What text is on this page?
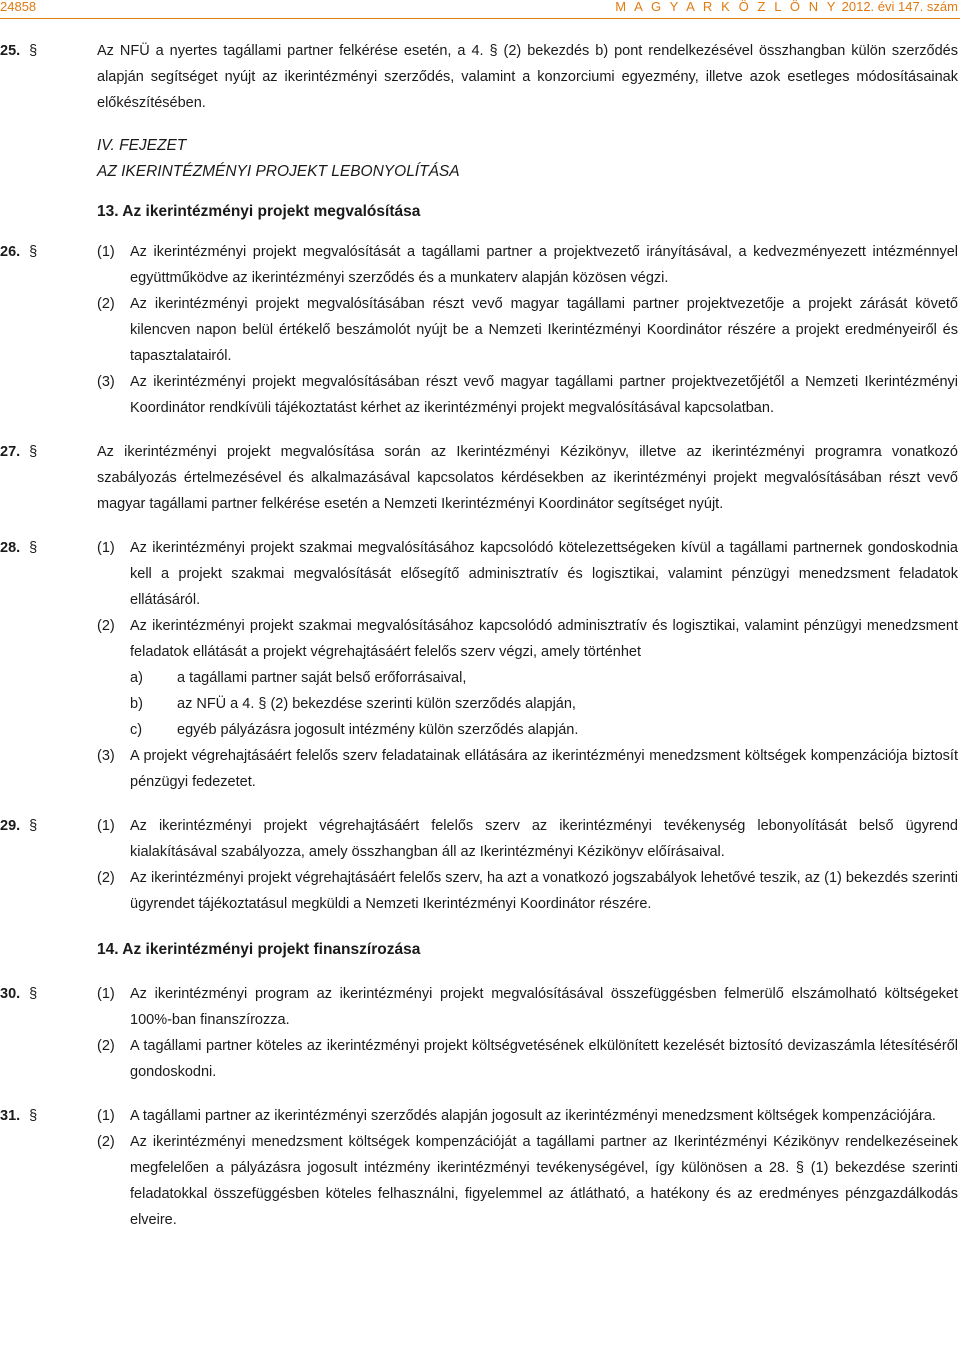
24858	M A G Y A R K Ö Z L Ö N Y 2012. évi 147. szám
25. §	Az NFÜ a nyertes tagállami partner felkérése esetén, a 4. § (2) bekezdés b) pont rendelkezésével összhangban külön szerződés alapján segítséget nyújt az ikerintézményi szerződés, valamint a konzorciumi egyezmény, illetve azok esetleges módosításainak előkészítésében.

IV. FEJEZET
AZ IKERINTÉZMÉNYI PROJEKT LEBONYOLÍTÁSA
13. Az ikerintézményi projekt megvalósítása
26. §	(1) Az ikerintézményi projekt megvalósítását a tagállami partner a projektvezető irányításával, a kedvezményezett intézménnyel együttműködve az ikerintézményi szerződés és a munkaterv alapján közösen végzi.

(2) Az ikerintézményi projekt megvalósításában részt vevő magyar tagállami partner projektvezetője a projekt zárását követő kilencven napon belül értékelő beszámolót nyújt be a Nemzeti Ikerintézményi Koordinátor részére a projekt eredményeiről és tapasztalatairól.

(3) Az ikerintézményi projekt megvalósításában részt vevő magyar tagállami partner projektvezetőjétől a Nemzeti Ikerintézményi Koordinátor rendkívüli tájékoztatást kérhet az ikerintézményi projekt megvalósításával kapcsolatban.

27. §	Az ikerintézményi projekt megvalósítása során az Ikerintézményi Kézikönyv, illetve az ikerintézményi programra vonatkozó szabályozás értelmezésével és alkalmazásával kapcsolatos kérdésekben az ikerintézményi projekt megvalósításában részt vevő magyar tagállami partner felkérése esetén a Nemzeti Ikerintézményi Koordinátor segítséget nyújt.

28. §	(1) Az ikerintézményi projekt szakmai megvalósításához kapcsolódó kötelezettségeken kívül a tagállami partnernek gondoskodnia kell a projekt szakmai megvalósítását elősegítő adminisztratív és logisztikai, valamint pénzügyi menedzsment feladatok ellátásáról.

(2) Az ikerintézményi projekt szakmai megvalósításához kapcsolódó adminisztratív és logisztikai, valamint pénzügyi menedzsment feladatok ellátását a projekt végrehajtásáért felelős szerv végzi, amely történhet

a) a tagállami partner saját belső erőforrásaival,

b) az NFÜ a 4. § (2) bekezdése szerinti külön szerződés alapján,

c) egyéb pályázásra jogosult intézmény külön szerződés alapján.

(3) A projekt végrehajtásáért felelős szerv feladatainak ellátására az ikerintézményi menedzsment költségek kompenzációja biztosít pénzügyi fedezetet.

29. §	(1) Az ikerintézményi projekt végrehajtásáért felelős szerv az ikerintézményi tevékenység lebonyolítását belső ügyrend kialakításával szabályozza, amely összhangban áll az Ikerintézményi Kézikönyv előírásaival.

(2) Az ikerintézményi projekt végrehajtásáért felelős szerv, ha azt a vonatkozó jogszabályok lehetővé teszik, az (1) bekezdés szerinti ügyrendet tájékoztatásul megküldi a Nemzeti Ikerintézményi Koordinátor részére.

14. Az ikerintézményi projekt finanszírozása
30. §	(1) Az ikerintézményi program az ikerintézményi projekt megvalósításával összefüggésben felmerülő elszámolható költségeket 100%-ban finanszírozza.

(2) A tagállami partner köteles az ikerintézményi projekt költségvetésének elkülönített kezelését biztosító devizaszámla létesítéséről gondoskodni.

31. §	(1) A tagállami partner az ikerintézményi szerződés alapján jogosult az ikerintézményi menedzsment költségek kompenzációjára.

(2) Az ikerintézményi menedzsment költségek kompenzációját a tagállami partner az Ikerintézményi Kézikönyv rendelkezéseinek megfelelően a pályázásra jogosult intézmény ikerintézményi tevékenységével, így különösen a 28. § (1) bekezdése szerinti feladatokkal összefüggésben köteles felhasználni, figyelemmel az átlátható, a hatékony és az eredményes pénzgazdálkodás elveire.
